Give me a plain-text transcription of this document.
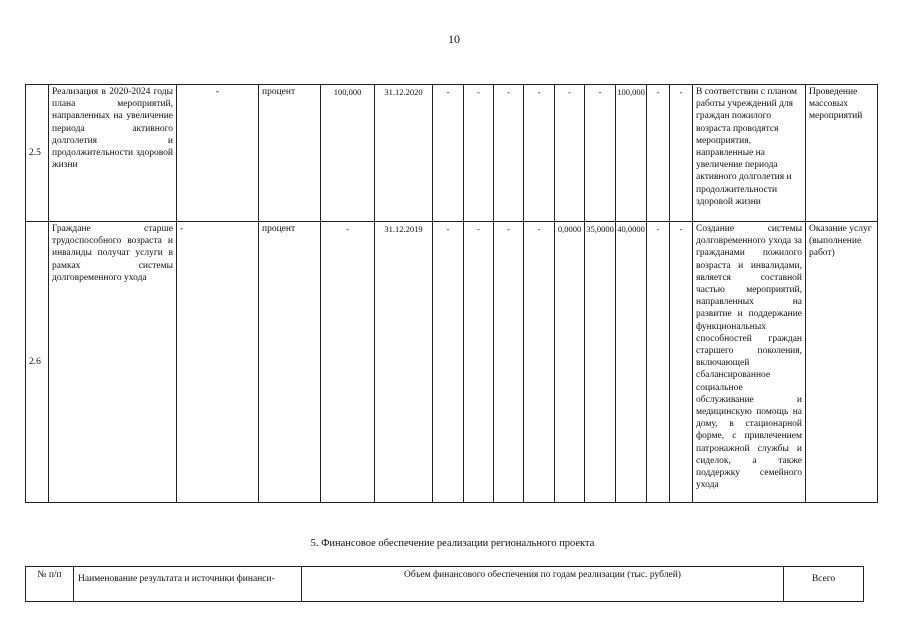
10
2.5	Реализация в 2020-2024 годы плана мероприятий, направленных на увеличение периода активного долголетия и продолжительности здоровой жизни	-	процент	100,000	31.12.2020	-	-	-	-	-	-	100,000	-	-	В соответствии с планом работы учреждений для граждан пожилого возраста проводятся мероприятия, направленные на увеличение периода активного долголетия и продолжительности здоровой жизни	Проведение массовых мероприятий
2.6	Граждане старше трудоспособного возраста и инвалиды получат услуги в рамках системы долговременного ухода	-	процент	-	31.12.2019	-	-	-	-	0,0000	35,0000	40,0000	-	-	Создание системы долговременного ухода за гражданами пожилого возраста и инвалидами, является составной частью мероприятий, направленных на развитие и поддержание функциональных способностей граждан старшего поколения, включающей сбалансированное социальное обслуживание и медицинскую помощь на дому, в стационарной форме, с привлечением патронажной службы и сиделок, а также поддержку семейного ухода	Оказание услуг (выполнение работ)
5. Финансовое обеспечение реализации регионального проекта
№ п/п	Наименование результата и источники финанси-	Объем финансового обеспечения по годам реализации (тыс. рублей)	Всего
